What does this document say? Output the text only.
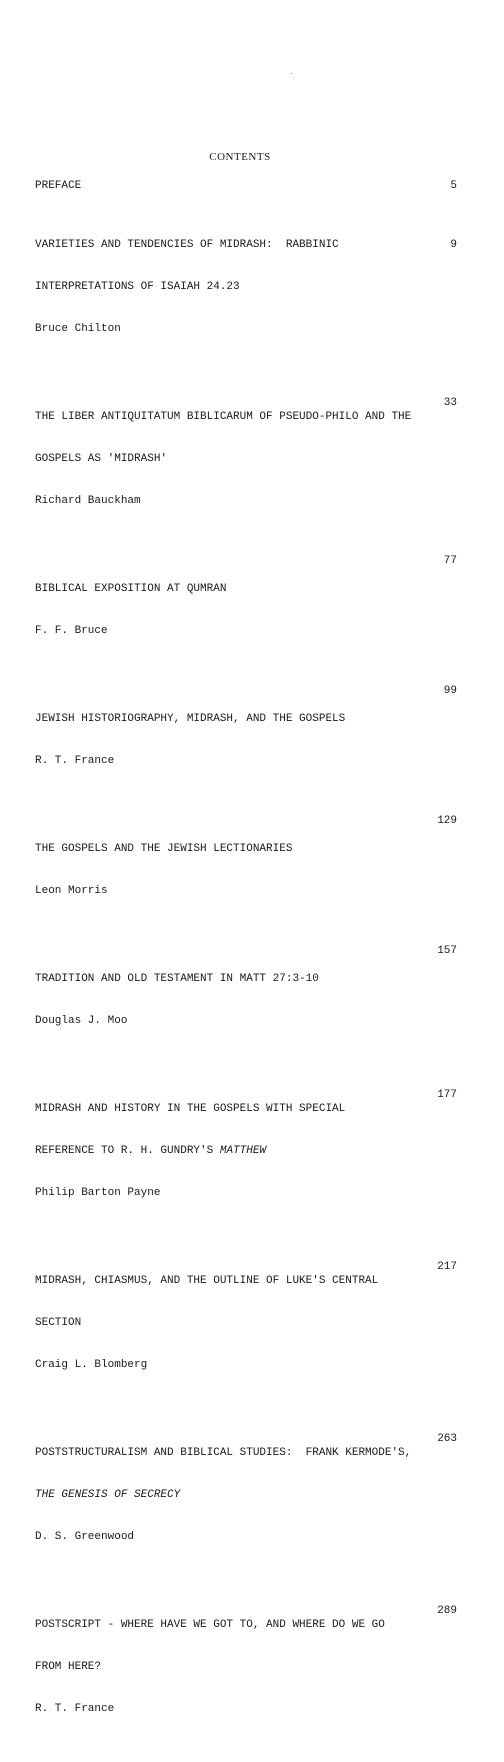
CONTENTS
PREFACE	5

VARIETIES AND TENDENCIES OF MIDRASH:  RABBINIC

INTERPRETATIONS OF ISAIAH 24.23

Bruce Chilton

9

THE LIBER ANTIQUITATUM BIBLICARUM OF PSEUDO-PHILO AND THE

GOSPELS AS 'MIDRASH'

Richard Bauckham

33

BIBLICAL EXPOSITION AT QUMRAN

F. F. Bruce

77

JEWISH HISTORIOGRAPHY, MIDRASH, AND THE GOSPELS

R. T. France

99

THE GOSPELS AND THE JEWISH LECTIONARIES

Leon Morris

129

TRADITION AND OLD TESTAMENT IN MATT 27:3-10

Douglas J. Moo

157

MIDRASH AND HISTORY IN THE GOSPELS WITH SPECIAL

REFERENCE TO R. H. GUNDRY'S MATTHEW

Philip Barton Payne

177

MIDRASH, CHIASMUS, AND THE OUTLINE OF LUKE'S CENTRAL

SECTION

Craig L. Blomberg

217

POSTSTRUCTURALISM AND BIBLICAL STUDIES:  FRANK KERMODE'S,

THE GENESIS OF SECRECY

D. S. Greenwood

263

POSTSCRIPT - WHERE HAVE WE GOT TO, AND WHERE DO WE GO

FROM HERE?

R. T. France

289
